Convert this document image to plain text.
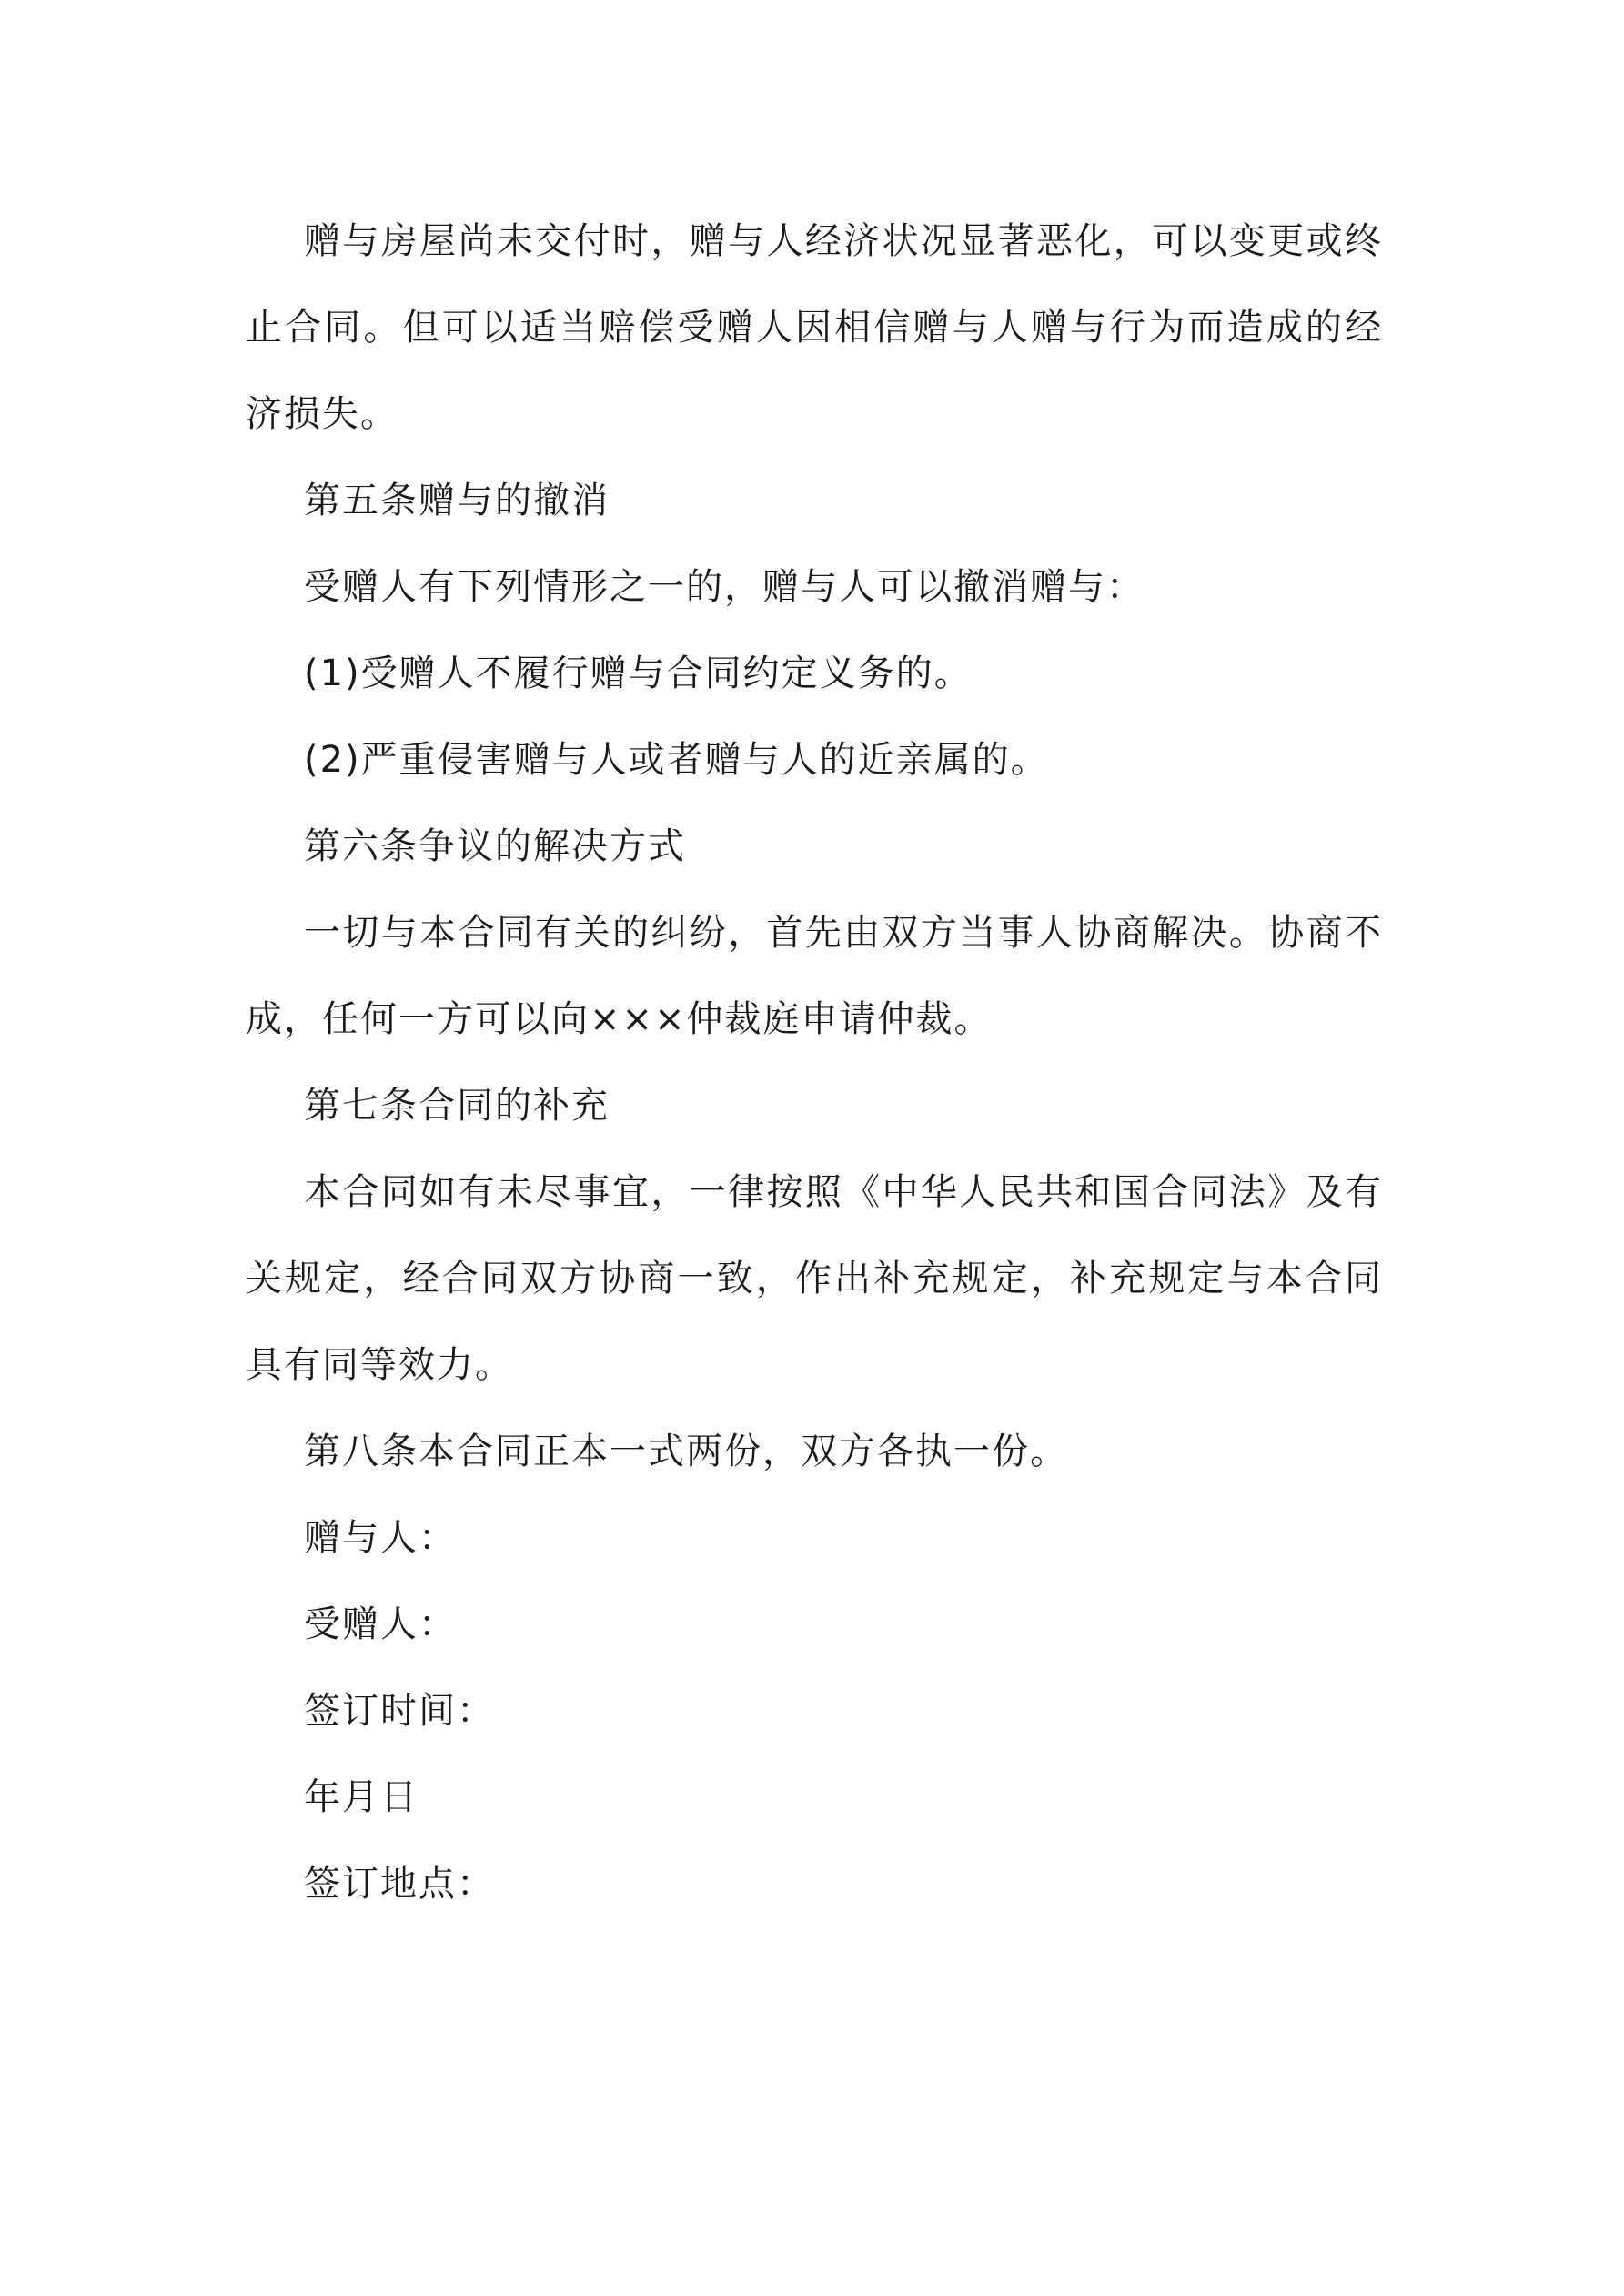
赠与房屋尚未交付时，赠与人经济状况显著恶化，可以变更或终止合同。但可以适当赔偿受赠人因相信赠与人赠与行为而造成的经济损失。

第五条赠与的撤消

受赠人有下列情形之一的，赠与人可以撤消赠与：

(1)受赠人不履行赠与合同约定义务的。

(2)严重侵害赠与人或者赠与人的近亲属的。

第六条争议的解决方式

一切与本合同有关的纠纷，首先由双方当事人协商解决。协商不成，任何一方可以向×××仲裁庭申请仲裁。

第七条合同的补充

本合同如有未尽事宜，一律按照《中华人民共和国合同法》及有关规定，经合同双方协商一致，作出补充规定，补充规定与本合同具有同等效力。

第八条本合同正本一式两份，双方各执一份。

赠与人：

受赠人：

签订时间：

年月日

签订地点：
